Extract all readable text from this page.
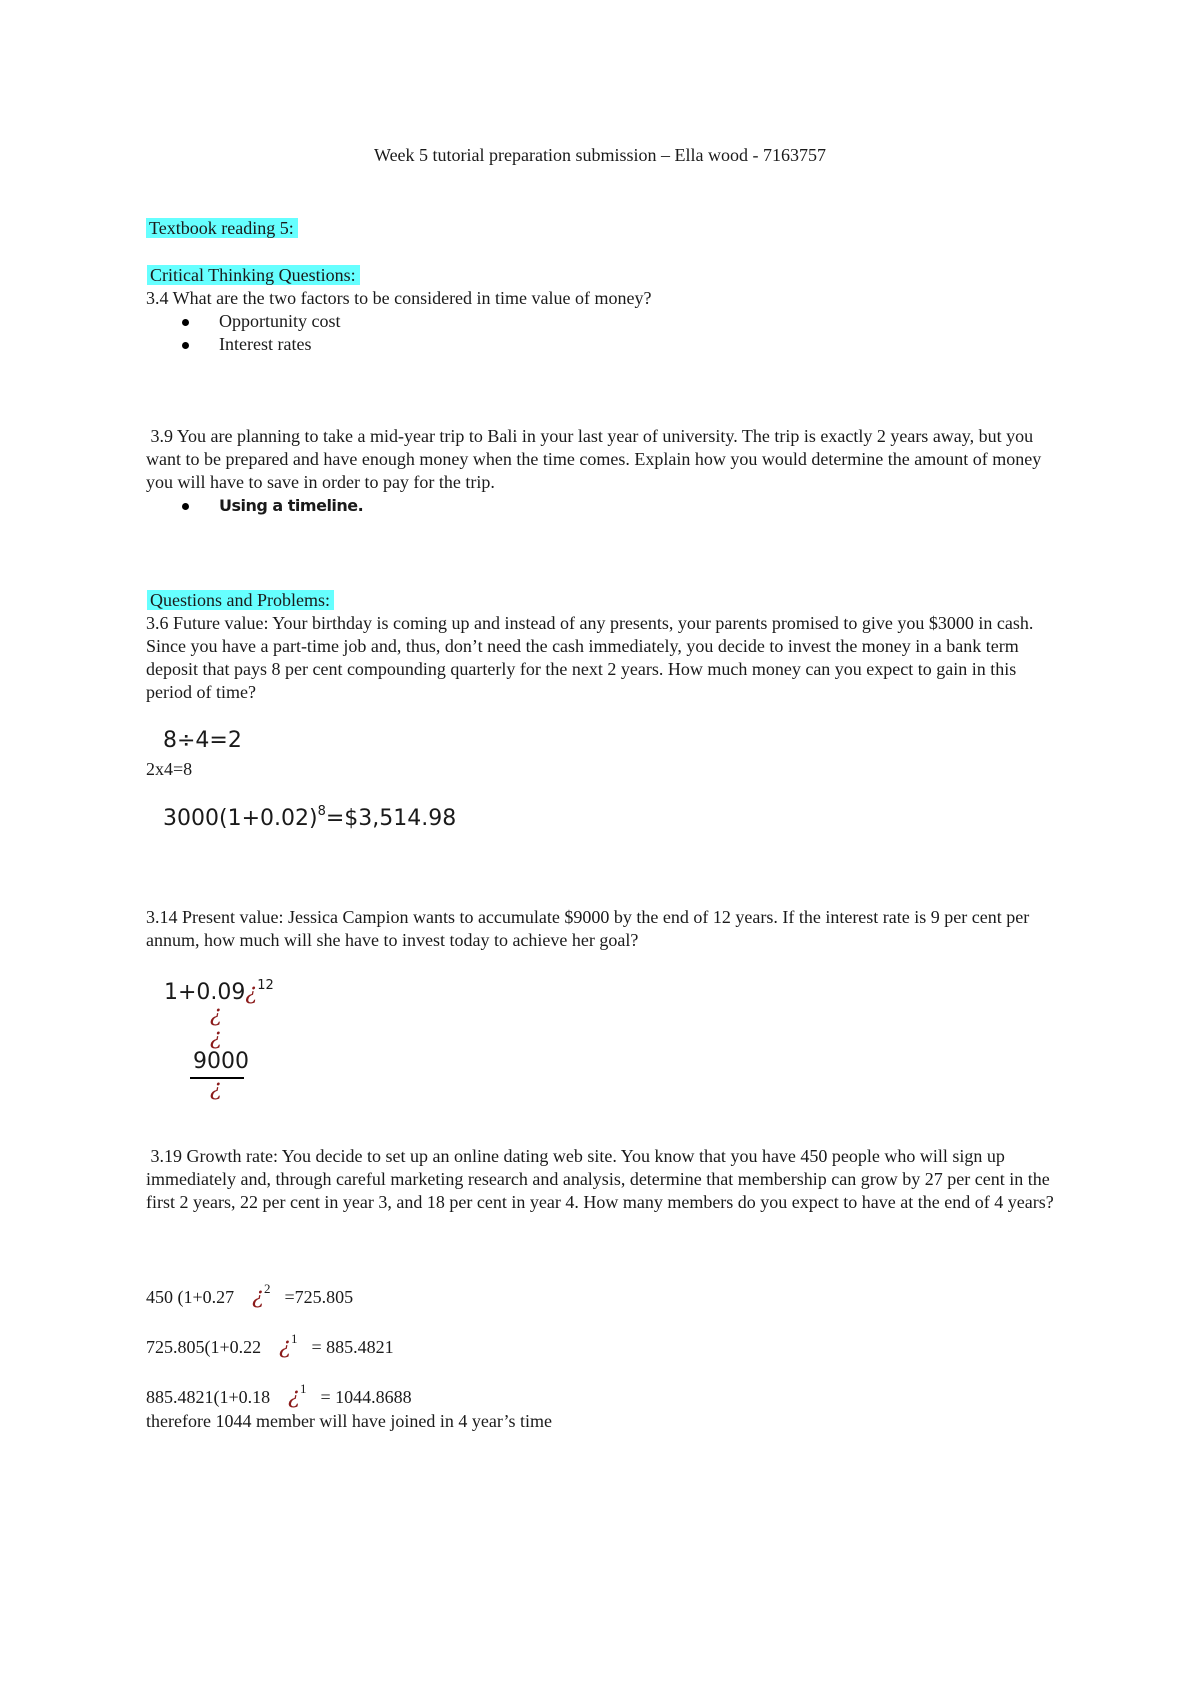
Week 5 tutorial preparation submission – Ella wood - 7163757
Textbook reading 5:
Critical Thinking Questions:
3.4 What are the two factors to be considered in time value of money?
Opportunity cost
Interest rates
3.9 You are planning to take a mid-year trip to Bali in your last year of university. The trip is exactly 2 years away, but you want to be prepared and have enough money when the time comes. Explain how you would determine the amount of money you will have to save in order to pay for the trip.
Using a timeline.
Questions and Problems:
3.6 Future value: Your birthday is coming up and instead of any presents, your parents promised to give you $3000 in cash. Since you have a part-time job and, thus, don’t need the cash immediately, you decide to invest the money in a bank term deposit that pays 8 per cent compounding quarterly for the next 2 years. How much money can you expect to gain in this period of time?
8÷4=2
2x4=8
$3000(1+0.02)^8=\$3,514.98$
3.14 Present value: Jessica Campion wants to accumulate $9000 by the end of 12 years. If the interest rate is 9 per cent per annum, how much will she have to invest today to achieve her goal?
1+0.09¿$^{12}$
¿
¿
9000
¿
3.19 Growth rate: You decide to set up an online dating web site. You know that you have 450 people who will sign up immediately and, through careful marketing research and analysis, determine that membership can grow by 27 per cent in the first 2 years, 22 per cent in year 3, and 18 per cent in year 4. How many members do you expect to have at the end of 4 years?
450 (1+0.27 ¿$^2$ =725.805
725.805(1+0.22 ¿$^1$ = 885.4821
885.4821(1+0.18 ¿$^1$ = 1044.8688
therefore 1044 member will have joined in 4 year’s time
